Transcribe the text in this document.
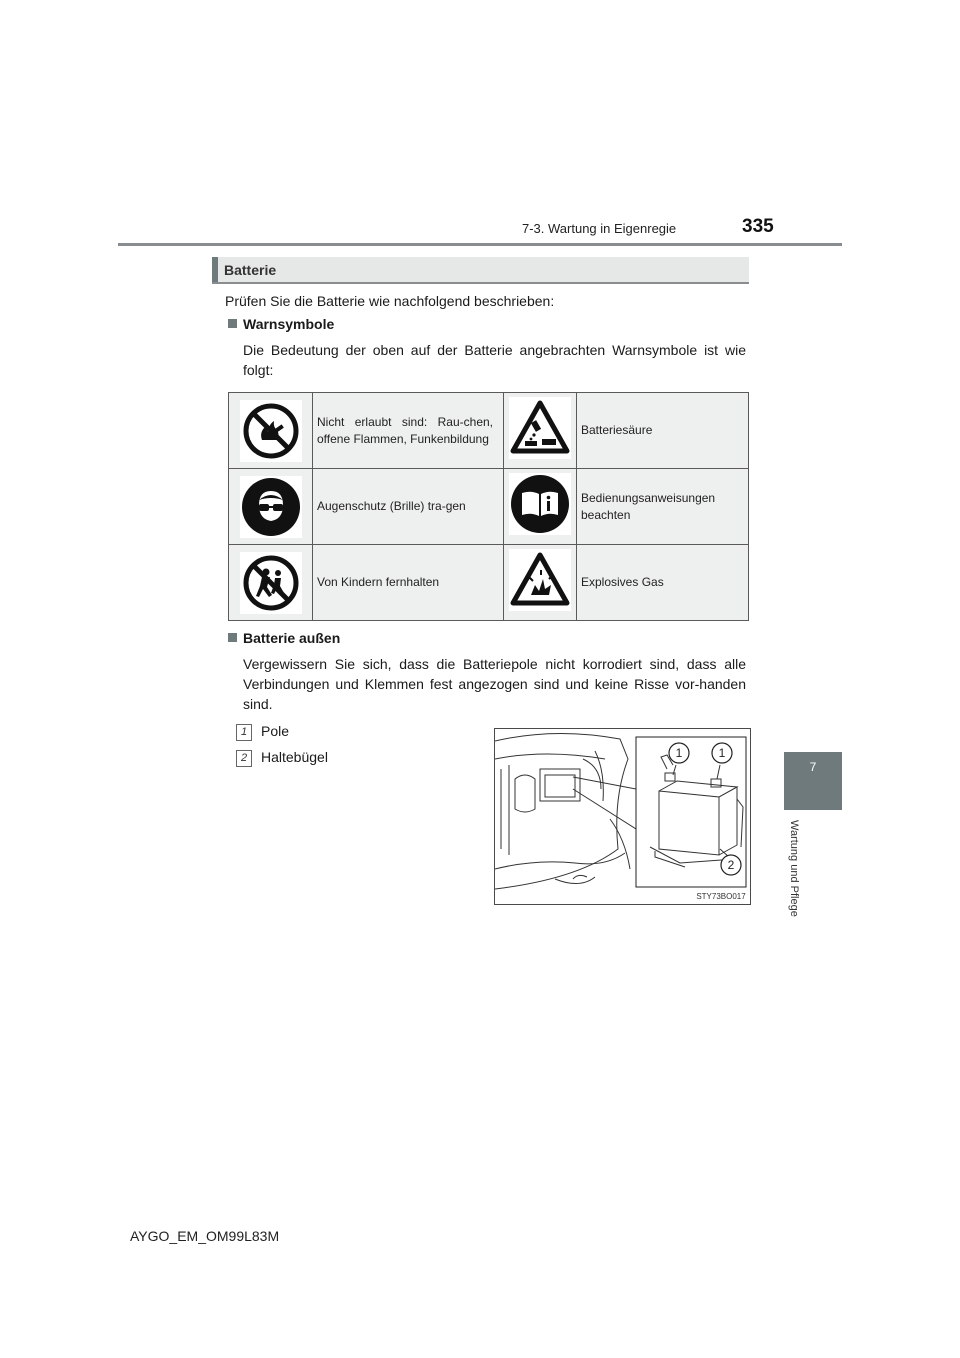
7-3. Wartung in Eigenregie	335
7
Wartung und Pflege
Batterie
Prüfen Sie die Batterie wie nachfolgend beschrieben:
Warnsymbole
Die Bedeutung der oben auf der Batterie angebrachten Warnsymbole ist wie folgt:
	Nicht erlaubt sind: Rau-chen, offene Flammen, Funkenbildung		Batteriesäure

	Augenschutz (Brille) tra-gen		Bedienungsanweisungen beachten

	Von Kindern fernhalten		Explosives Gas
Batterie außen
Vergewissern Sie sich, dass die Batteriepole nicht korrodiert sind, dass alle Verbindungen und Klemmen fest angezogen sind und keine Risse vor-handen sind.
1 Pole
2 Haltebügel	1	1
2
STY73BO017
AYGO_EM_OM99L83M
